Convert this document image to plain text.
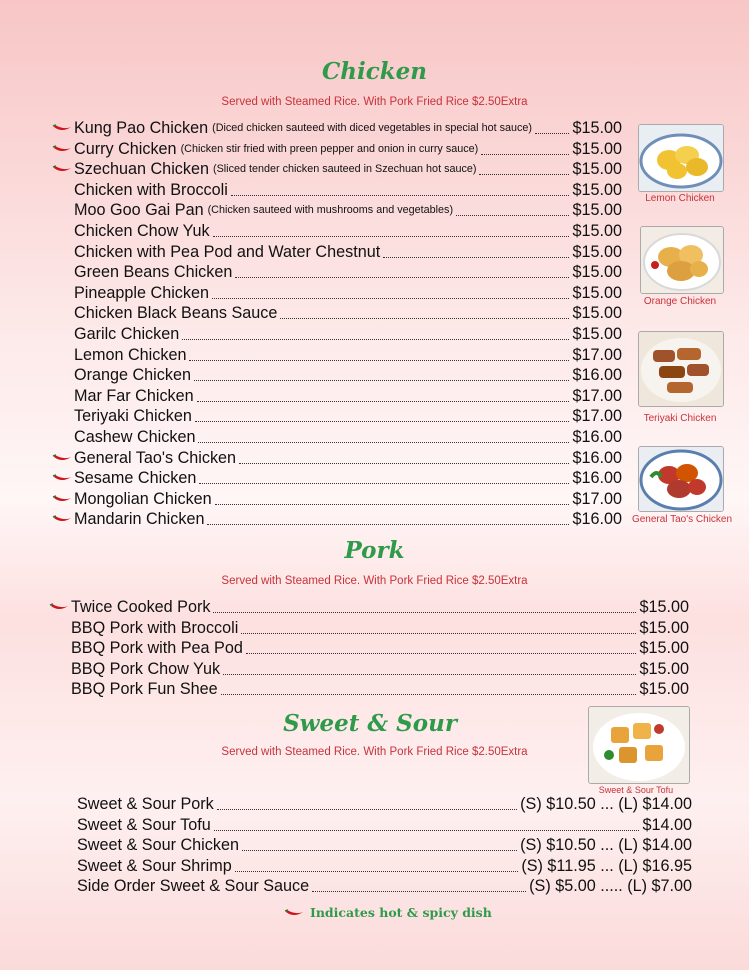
Chicken
Served with Steamed Rice. With Pork Fried Rice $2.50Extra
Kung Pao Chicken (Diced chicken sauteed with diced vegetables in special hot sauce)	$15.00
Curry Chicken (Chicken stir fried with preen pepper and onion in curry sauce)	$15.00
Szechuan Chicken (Sliced tender chicken sauteed in Szechuan hot sauce)	$15.00
Chicken with Broccoli	$15.00
Moo Goo Gai Pan (Chicken sauteed with mushrooms and vegetables)	$15.00
Chicken Chow Yuk	$15.00
Chicken with Pea Pod and Water Chestnut	$15.00
Green Beans Chicken	$15.00
Pineapple Chicken	$15.00
Chicken Black Beans Sauce	$15.00
Garilc Chicken	$15.00
Lemon Chicken	$17.00
Orange Chicken	$16.00
Mar Far Chicken	$17.00
Teriyaki Chicken	$17.00
Cashew Chicken	$16.00
General Tao's Chicken	$16.00
Sesame Chicken	$16.00
Mongolian Chicken	$17.00
Mandarin Chicken	$16.00
Lemon Chicken
Orange Chicken
Teriyaki Chicken
General Tao's Chicken
Pork
Served with Steamed Rice. With Pork Fried Rice $2.50Extra
Twice Cooked Pork	$15.00
BBQ Pork with Broccoli	$15.00
BBQ Pork with Pea Pod	$15.00
BBQ Pork Chow Yuk	$15.00
BBQ Pork Fun Shee	$15.00
Sweet & Sour
Served with Steamed Rice. With Pork Fried Rice $2.50Extra
Sweet & Sour Tofu
Sweet & Sour Pork	(S) $10.50 ... (L) $14.00
Sweet & Sour Tofu	$14.00
Sweet & Sour Chicken	(S) $10.50 ... (L) $14.00
Sweet & Sour Shrimp	(S) $11.95 ... (L) $16.95
Side Order Sweet & Sour Sauce	(S) $5.00 ..... (L) $7.00
Indicates hot & spicy dish
